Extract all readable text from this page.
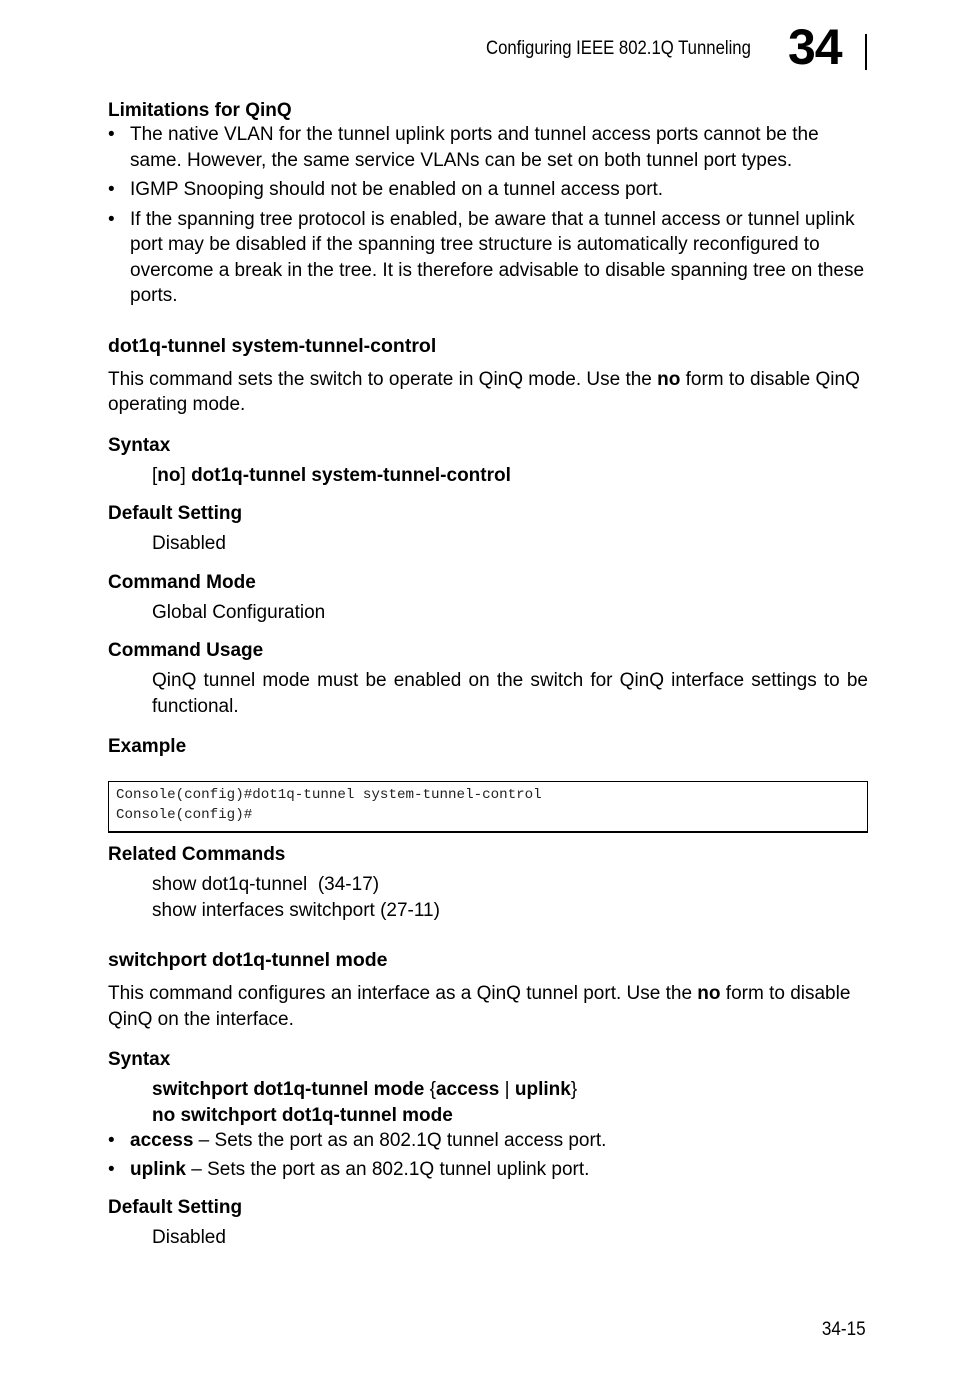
Configuring IEEE 802.1Q Tunneling 34
Limitations for QinQ
• The native VLAN for the tunnel uplink ports and tunnel access ports cannot be the same. However, the same service VLANs can be set on both tunnel port types.
• IGMP Snooping should not be enabled on a tunnel access port.
• If the spanning tree protocol is enabled, be aware that a tunnel access or tunnel uplink port may be disabled if the spanning tree structure is automatically reconfigured to overcome a break in the tree. It is therefore advisable to disable spanning tree on these ports.
dot1q-tunnel system-tunnel-control
This command sets the switch to operate in QinQ mode. Use the no form to disable QinQ operating mode.
Syntax
[no] dot1q-tunnel system-tunnel-control
Default Setting
Disabled
Command Mode
Global Configuration
Command Usage
QinQ tunnel mode must be enabled on the switch for QinQ interface settings to be functional.
Example
Console(config)#dot1q-tunnel system-tunnel-control
Console(config)#
Related Commands
show dot1q-tunnel  (34-17)
show interfaces switchport (27-11)
switchport dot1q-tunnel mode
This command configures an interface as a QinQ tunnel port. Use the no form to disable QinQ on the interface.
Syntax
switchport dot1q-tunnel mode {access | uplink}
no switchport dot1q-tunnel mode
• access – Sets the port as an 802.1Q tunnel access port.
• uplink – Sets the port as an 802.1Q tunnel uplink port.
Default Setting
Disabled
34-15
